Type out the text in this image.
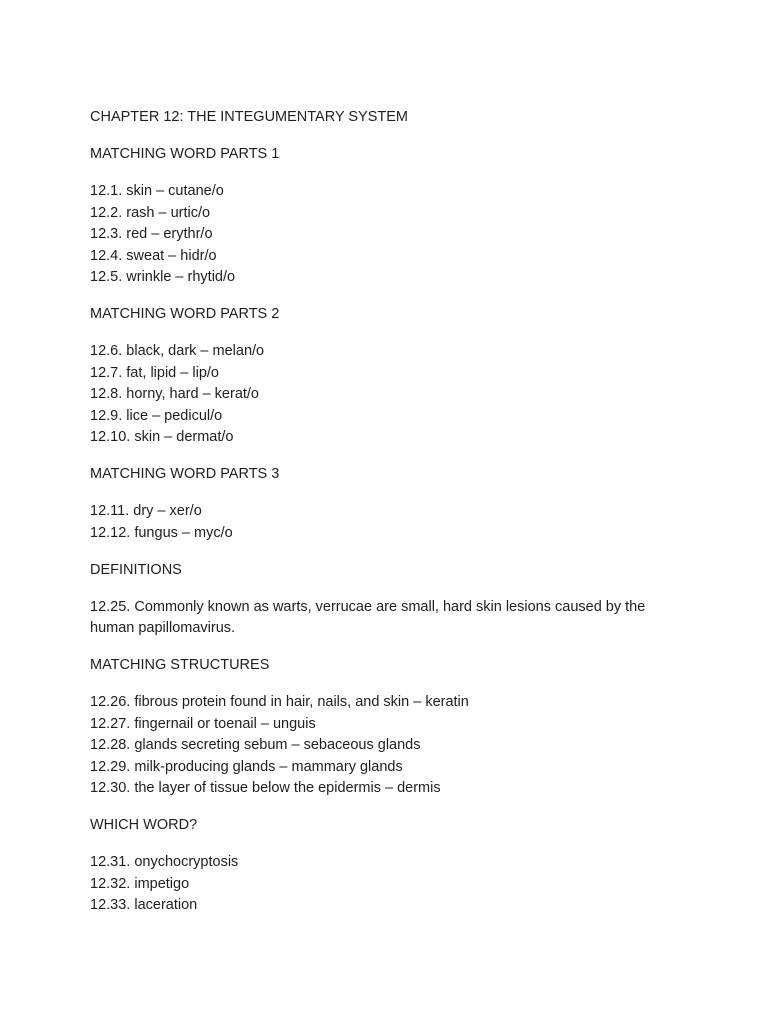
CHAPTER 12: THE INTEGUMENTARY SYSTEM
MATCHING WORD PARTS 1
12.1. skin – cutane/o
12.2. rash – urtic/o
12.3. red – erythr/o
12.4. sweat – hidr/o
12.5. wrinkle – rhytid/o
MATCHING WORD PARTS 2
12.6. black, dark – melan/o
12.7. fat, lipid – lip/o
12.8. horny, hard – kerat/o
12.9. lice – pedicul/o
12.10. skin – dermat/o
MATCHING WORD PARTS 3
12.11. dry – xer/o
12.12. fungus – myc/o
DEFINITIONS

12.25. Commonly known as warts, verrucae are small, hard skin lesions caused by the human papillomavirus.

MATCHING STRUCTURES
12.26. fibrous protein found in hair, nails, and skin – keratin
12.27. fingernail or toenail – unguis
12.28. glands secreting sebum – sebaceous glands
12.29. milk-producing glands – mammary glands
12.30. the layer of tissue below the epidermis – dermis
WHICH WORD?
12.31. onychocryptosis
12.32. impetigo
12.33. laceration
